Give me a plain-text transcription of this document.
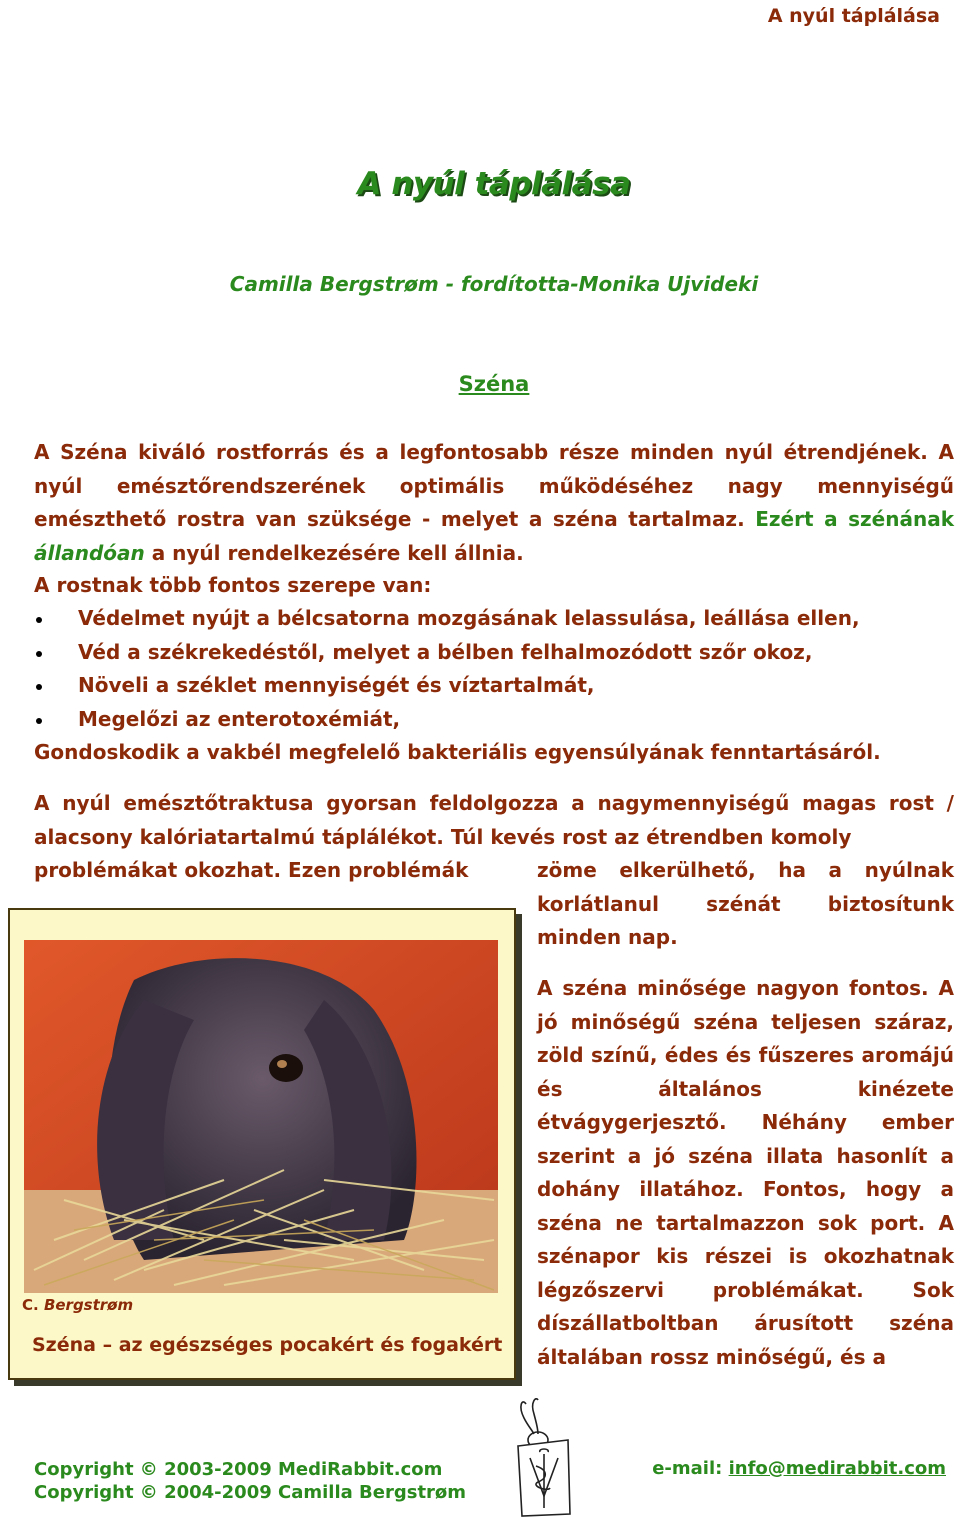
A nyúl táplálása
A nyúl táplálása
Camilla Bergstrøm - fordította-Monika Ujvideki
Széna

A Széna kiváló rostforrás és a legfontosabb része minden nyúl étrendjének. A nyúl emésztőrendszerének optimális működéséhez nagy mennyiségű emészthető rostra van szüksége - melyet a széna tartalmaz. Ezért a szénának állandóan a nyúl rendelkezésére kell állnia.

A rostnak több fontos szerepe van:

Védelmet nyújt a bélcsatorna mozgásának lelassulása, leállása ellen,
Véd a székrekedéstől, melyet a bélben felhalmozódott szőr okoz,
Növeli a széklet mennyiségét és víztartalmát,
Megelőzi az enterotoxémiát,

Gondoskodik a vakbél megfelelő bakteriális egyensúlyának fenntartásáról.

A nyúl emésztőtraktusa gyorsan feldolgozza a nagymennyiségű magas rost / alacsony kalóriatartalmú táplálékot. Túl kevés rost az étrendben komoly

problémákat okozhat. Ezen problémák	zöme elkerülhető, ha a nyúlnak korlátlanul szénát biztosítunk minden nap.

A széna minősége nagyon fontos. A jó minőségű széna teljesen száraz, zöld színű, édes és fűszeres aromájú és általános kinézete étvágygerjesztő. Néhány ember szerint a jó széna illata hasonlít a dohány illatához. Fontos, hogy a széna ne tartalmazzon sok port. A szénapor kis részei is okozhatnak légzőszervi problémákat. Sok díszállatboltban árusított széna általában rossz minőségű, és a

C. Bergstrøm
Széna – az egészséges pocakért és fogakért
Copyright © 2003-2009 MediRabbit.com
Copyright © 2004-2009 Camilla Bergstrøm
e-mail: info@medirabbit.com
